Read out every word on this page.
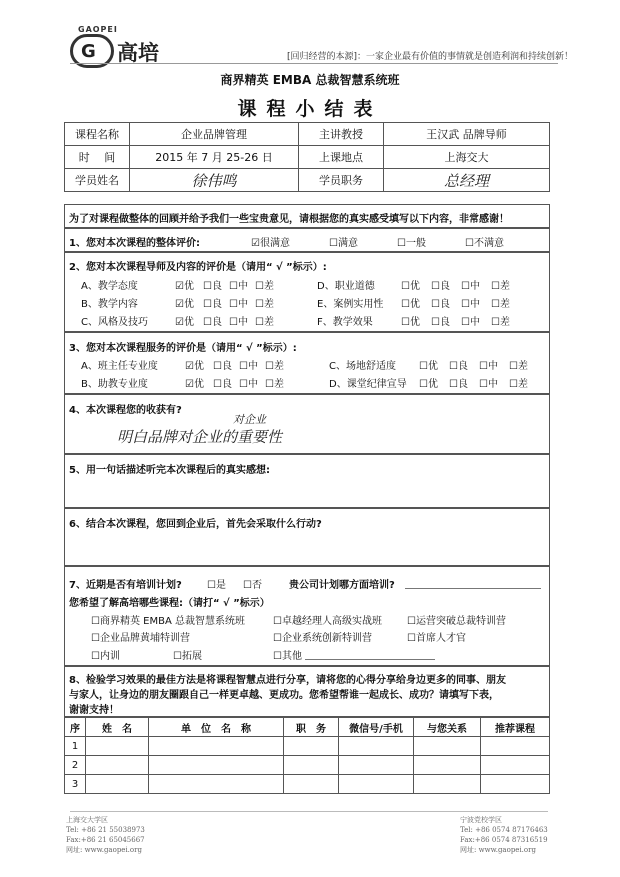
GAOPEI
G 高培	[回归经营的本源]：一家企业最有价值的事情就是创造利润和持续创新！
商界精英 EMBA 总裁智慧系统班
课程小结表
课程名称	企业品牌管理	主讲教授	王汉武 品牌导师
时　 间	2015 年 7 月 25-26 日	上课地点	上海交大
学员姓名	徐伟鸣	学员职务	总经理
为了对课程做整体的回顾并给予我们一些宝贵意见，请根据您的真实感受填写以下内容，非常感谢！
1、您对本次课程的整体评价:	☑很满意	☐满意	☐一般	☐不满意
2、您对本次课程导师及内容的评价是（请用“ √ ”标示）:
A、教学态度	☑优 ☐良 ☐中 ☐差	D、职业道德	☐优 ☐良 ☐中 ☐差
B、教学内容	☑优 ☐良 ☐中 ☐差	E、案例实用性 ☐优 ☐良 ☐中 ☐差
C、风格及技巧	☑优 ☐良 ☐中 ☐差	F、教学效果	☐优 ☐良 ☐中 ☐差
3、您对本次课程服务的评价是（请用“ √ ”标示）:
A、班主任专业度	☑优 ☐良 ☐中 ☐差	C、场地舒适度 ☐优 ☐良 ☐中 ☐差
B、助教专业度	☑优 ☐良 ☐中 ☐差	D、课堂纪律宣导 ☐优 ☐良 ☐中 ☐差
4、本次课程您的收获有?
对企业
明白品牌对企业的重要性
5、用一句话描述听完本次课程后的真实感想:
6、结合本次课程，您回到企业后，首先会采取什么行动?
7、近期是否有培训计划?	☐是 ☐否	贵公司计划哪方面培训?
您希望了解高培哪些课程:（请打“ √ ”标示）
☐商界精英 EMBA 总裁智慧系统班	☐卓越经理人高级实战班	☐运营突破总裁特训营
☐企业品牌黄埔特训营	☐企业系统创新特训营	☐首席人才官
☐内训	☐拓展	☐其他
8、检验学习效果的最佳方法是将课程智慧点进行分享，请将您的心得分享给身边更多的同事、朋友
与家人，让身边的朋友圈跟自己一样更卓越、更成功。您希望帮谁一起成长、成功？请填写下表，
谢谢支持！
序	姓　名	单　位　名　称	职　务	微信号/手机	与您关系	推荐课程
1						
2						
3						
上海交大学区
Tel: +86 21 55038973
Fax:+86 21 65045667
网址: www.gaopei.org
宁波党校学区
Tel: +86 0574 87176463
Fax:+86 0574 87316519
网址: www.gaopei.org
